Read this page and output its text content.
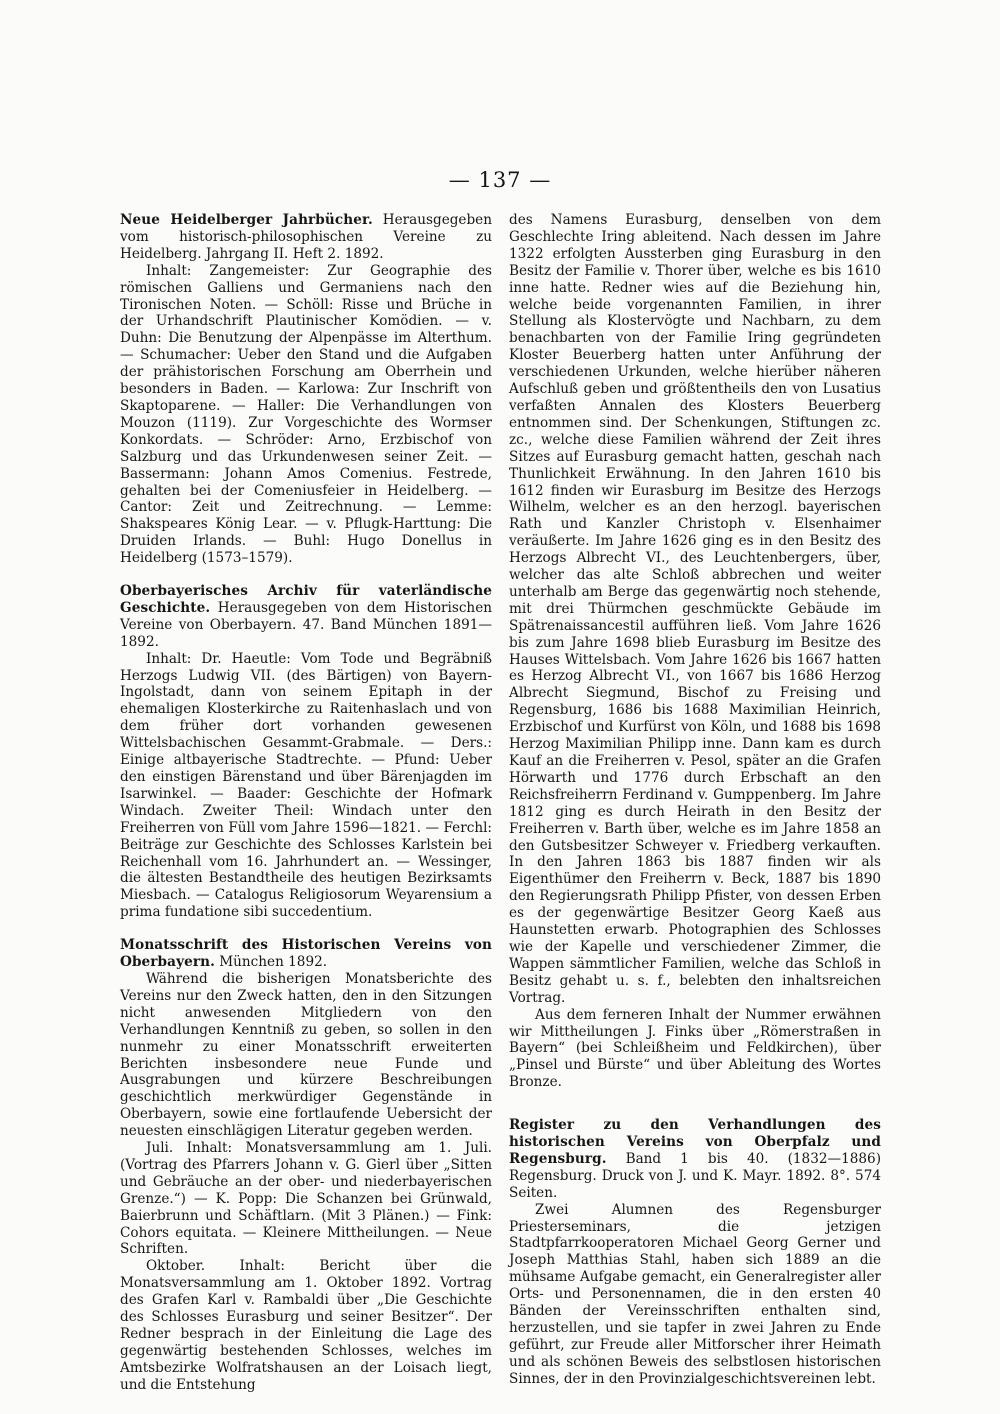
— 137 —

Neue Heidelberger Jahrbücher. Herausgegeben vom historisch-philosophischen Vereine zu Heidelberg. Jahrgang II. Heft 2. 1892.

Inhalt: Zangemeister: Zur Geographie des römischen Galliens und Germaniens nach den Tironischen Noten. — Schöll: Risse und Brüche in der Urhandschrift Plautinischer Komödien. — v. Duhn: Die Benutzung der Alpenpässe im Alterthum. — Schumacher: Ueber den Stand und die Aufgaben der prähistorischen Forschung am Oberrhein und besonders in Baden. — Karlowa: Zur Inschrift von Skaptoparene. — Haller: Die Verhandlungen von Mouzon (1119). Zur Vorgeschichte des Wormser Konkordats. — Schröder: Arno, Erzbischof von Salzburg und das Urkundenwesen seiner Zeit. — Bassermann: Johann Amos Comenius. Festrede, gehalten bei der Comeniusfeier in Heidelberg. — Cantor: Zeit und Zeitrechnung. — Lemme: Shakspeares König Lear. — v. Pflugk-Harttung: Die Druiden Irlands. — Buhl: Hugo Donellus in Heidelberg (1573–1579).

Oberbayerisches Archiv für vaterländische Geschichte. Herausgegeben von dem Historischen Vereine von Oberbayern. 47. Band München 1891—1892.

Inhalt: Dr. Haeutle: Vom Tode und Begräbniß Herzogs Ludwig VII. (des Bärtigen) von Bayern-Ingolstadt, dann von seinem Epitaph in der ehemaligen Klosterkirche zu Raitenhaslach und von dem früher dort vorhanden gewesenen Wittelsbachischen Gesammt-Grabmale. — Ders.: Einige altbayerische Stadtrechte. — Pfund: Ueber den einstigen Bärenstand und über Bärenjagden im Isarwinkel. — Baader: Geschichte der Hofmark Windach. Zweiter Theil: Windach unter den Freiherren von Füll vom Jahre 1596—1821. — Ferchl: Beiträge zur Geschichte des Schlosses Karlstein bei Reichenhall vom 16. Jahrhundert an. — Wessinger, die ältesten Bestandtheile des heutigen Bezirksamts Miesbach. — Catalogus Religiosorum Weyarensium a prima fundatione sibi succedentium.

Monatsschrift des Historischen Vereins von Oberbayern. München 1892.

Während die bisherigen Monatsberichte des Vereins nur den Zweck hatten, den in den Sitzungen nicht anwesenden Mitgliedern von den Verhandlungen Kenntniß zu geben, so sollen in den nunmehr zu einer Monatsschrift erweiterten Berichten insbesondere neue Funde und Ausgrabungen und kürzere Beschreibungen geschichtlich merkwürdiger Gegenstände in Oberbayern, sowie eine fortlaufende Uebersicht der neuesten einschlägigen Literatur gegeben werden.

Juli. Inhalt: Monatsversammlung am 1. Juli. (Vortrag des Pfarrers Johann v. G. Gierl über „Sitten und Gebräuche an der ober- und niederbayerischen Grenze.“) — K. Popp: Die Schanzen bei Grünwald, Baierbrunn und Schäftlarn. (Mit 3 Plänen.) — Fink: Cohors equitata. — Kleinere Mittheilungen. — Neue Schriften.

Oktober. Inhalt: Bericht über die Monatsversammlung am 1. Oktober 1892. Vortrag des Grafen Karl v. Rambaldi über „Die Geschichte des Schlosses Eurasburg und seiner Besitzer“. Der Redner besprach in der Einleitung die Lage des gegenwärtig bestehenden Schlosses, welches im Amtsbezirke Wolfratshausen an der Loisach liegt, und die Entstehung

des Namens Eurasburg, denselben von dem Geschlechte Iring ableitend. Nach dessen im Jahre 1322 erfolgten Aussterben ging Eurasburg in den Besitz der Familie v. Thorer über, welche es bis 1610 inne hatte. Redner wies auf die Beziehung hin, welche beide vorgenannten Familien, in ihrer Stellung als Klostervögte und Nachbarn, zu dem benachbarten von der Familie Iring gegründeten Kloster Beuerberg hatten unter Anführung der verschiedenen Urkunden, welche hierüber näheren Aufschluß geben und größtentheils den von Lusatius verfaßten Annalen des Klosters Beuerberg entnommen sind. Der Schenkungen, Stiftungen zc. zc., welche diese Familien während der Zeit ihres Sitzes auf Eurasburg gemacht hatten, geschah nach Thunlichkeit Erwähnung. In den Jahren 1610 bis 1612 finden wir Eurasburg im Besitze des Herzogs Wilhelm, welcher es an den herzogl. bayerischen Rath und Kanzler Christoph v. Elsenhaimer veräußerte. Im Jahre 1626 ging es in den Besitz des Herzogs Albrecht VI., des Leuchtenbergers, über, welcher das alte Schloß abbrechen und weiter unterhalb am Berge das gegenwärtig noch stehende, mit drei Thürmchen geschmückte Gebäude im Spätrenaissancestil aufführen ließ. Vom Jahre 1626 bis zum Jahre 1698 blieb Eurasburg im Besitze des Hauses Wittelsbach. Vom Jahre 1626 bis 1667 hatten es Herzog Albrecht VI., von 1667 bis 1686 Herzog Albrecht Siegmund, Bischof zu Freising und Regensburg, 1686 bis 1688 Maximilian Heinrich, Erzbischof und Kurfürst von Köln, und 1688 bis 1698 Herzog Maximilian Philipp inne. Dann kam es durch Kauf an die Freiherren v. Pesol, später an die Grafen Hörwarth und 1776 durch Erbschaft an den Reichsfreiherrn Ferdinand v. Gumppenberg. Im Jahre 1812 ging es durch Heirath in den Besitz der Freiherren v. Barth über, welche es im Jahre 1858 an den Gutsbesitzer Schweyer v. Friedberg verkauften. In den Jahren 1863 bis 1887 finden wir als Eigenthümer den Freiherrn v. Beck, 1887 bis 1890 den Regierungsrath Philipp Pfister, von dessen Erben es der gegenwärtige Besitzer Georg Kaeß aus Haunstetten erwarb. Photographien des Schlosses wie der Kapelle und verschiedener Zimmer, die Wappen sämmtlicher Familien, welche das Schloß in Besitz gehabt u. s. f., belebten den inhaltsreichen Vortrag.

Aus dem ferneren Inhalt der Nummer erwähnen wir Mittheilungen J. Finks über „Römerstraßen in Bayern“ (bei Schleißheim und Feldkirchen), über „Pinsel und Bürste“ und über Ableitung des Wortes Bronze.

Register zu den Verhandlungen des historischen Vereins von Oberpfalz und Regensburg. Band 1 bis 40. (1832—1886) Regensburg. Druck von J. und K. Mayr. 1892. 8°. 574 Seiten.

Zwei Alumnen des Regensburger Priesterseminars, die jetzigen Stadtpfarrkooperatoren Michael Georg Gerner und Joseph Matthias Stahl, haben sich 1889 an die mühsame Aufgabe gemacht, ein Generalregister aller Orts- und Personennamen, die in den ersten 40 Bänden der Vereinsschriften enthalten sind, herzustellen, und sie tapfer in zwei Jahren zu Ende geführt, zur Freude aller Mitforscher ihrer Heimath und als schönen Beweis des selbstlosen historischen Sinnes, der in den Provinzialgeschichtsvereinen lebt.
